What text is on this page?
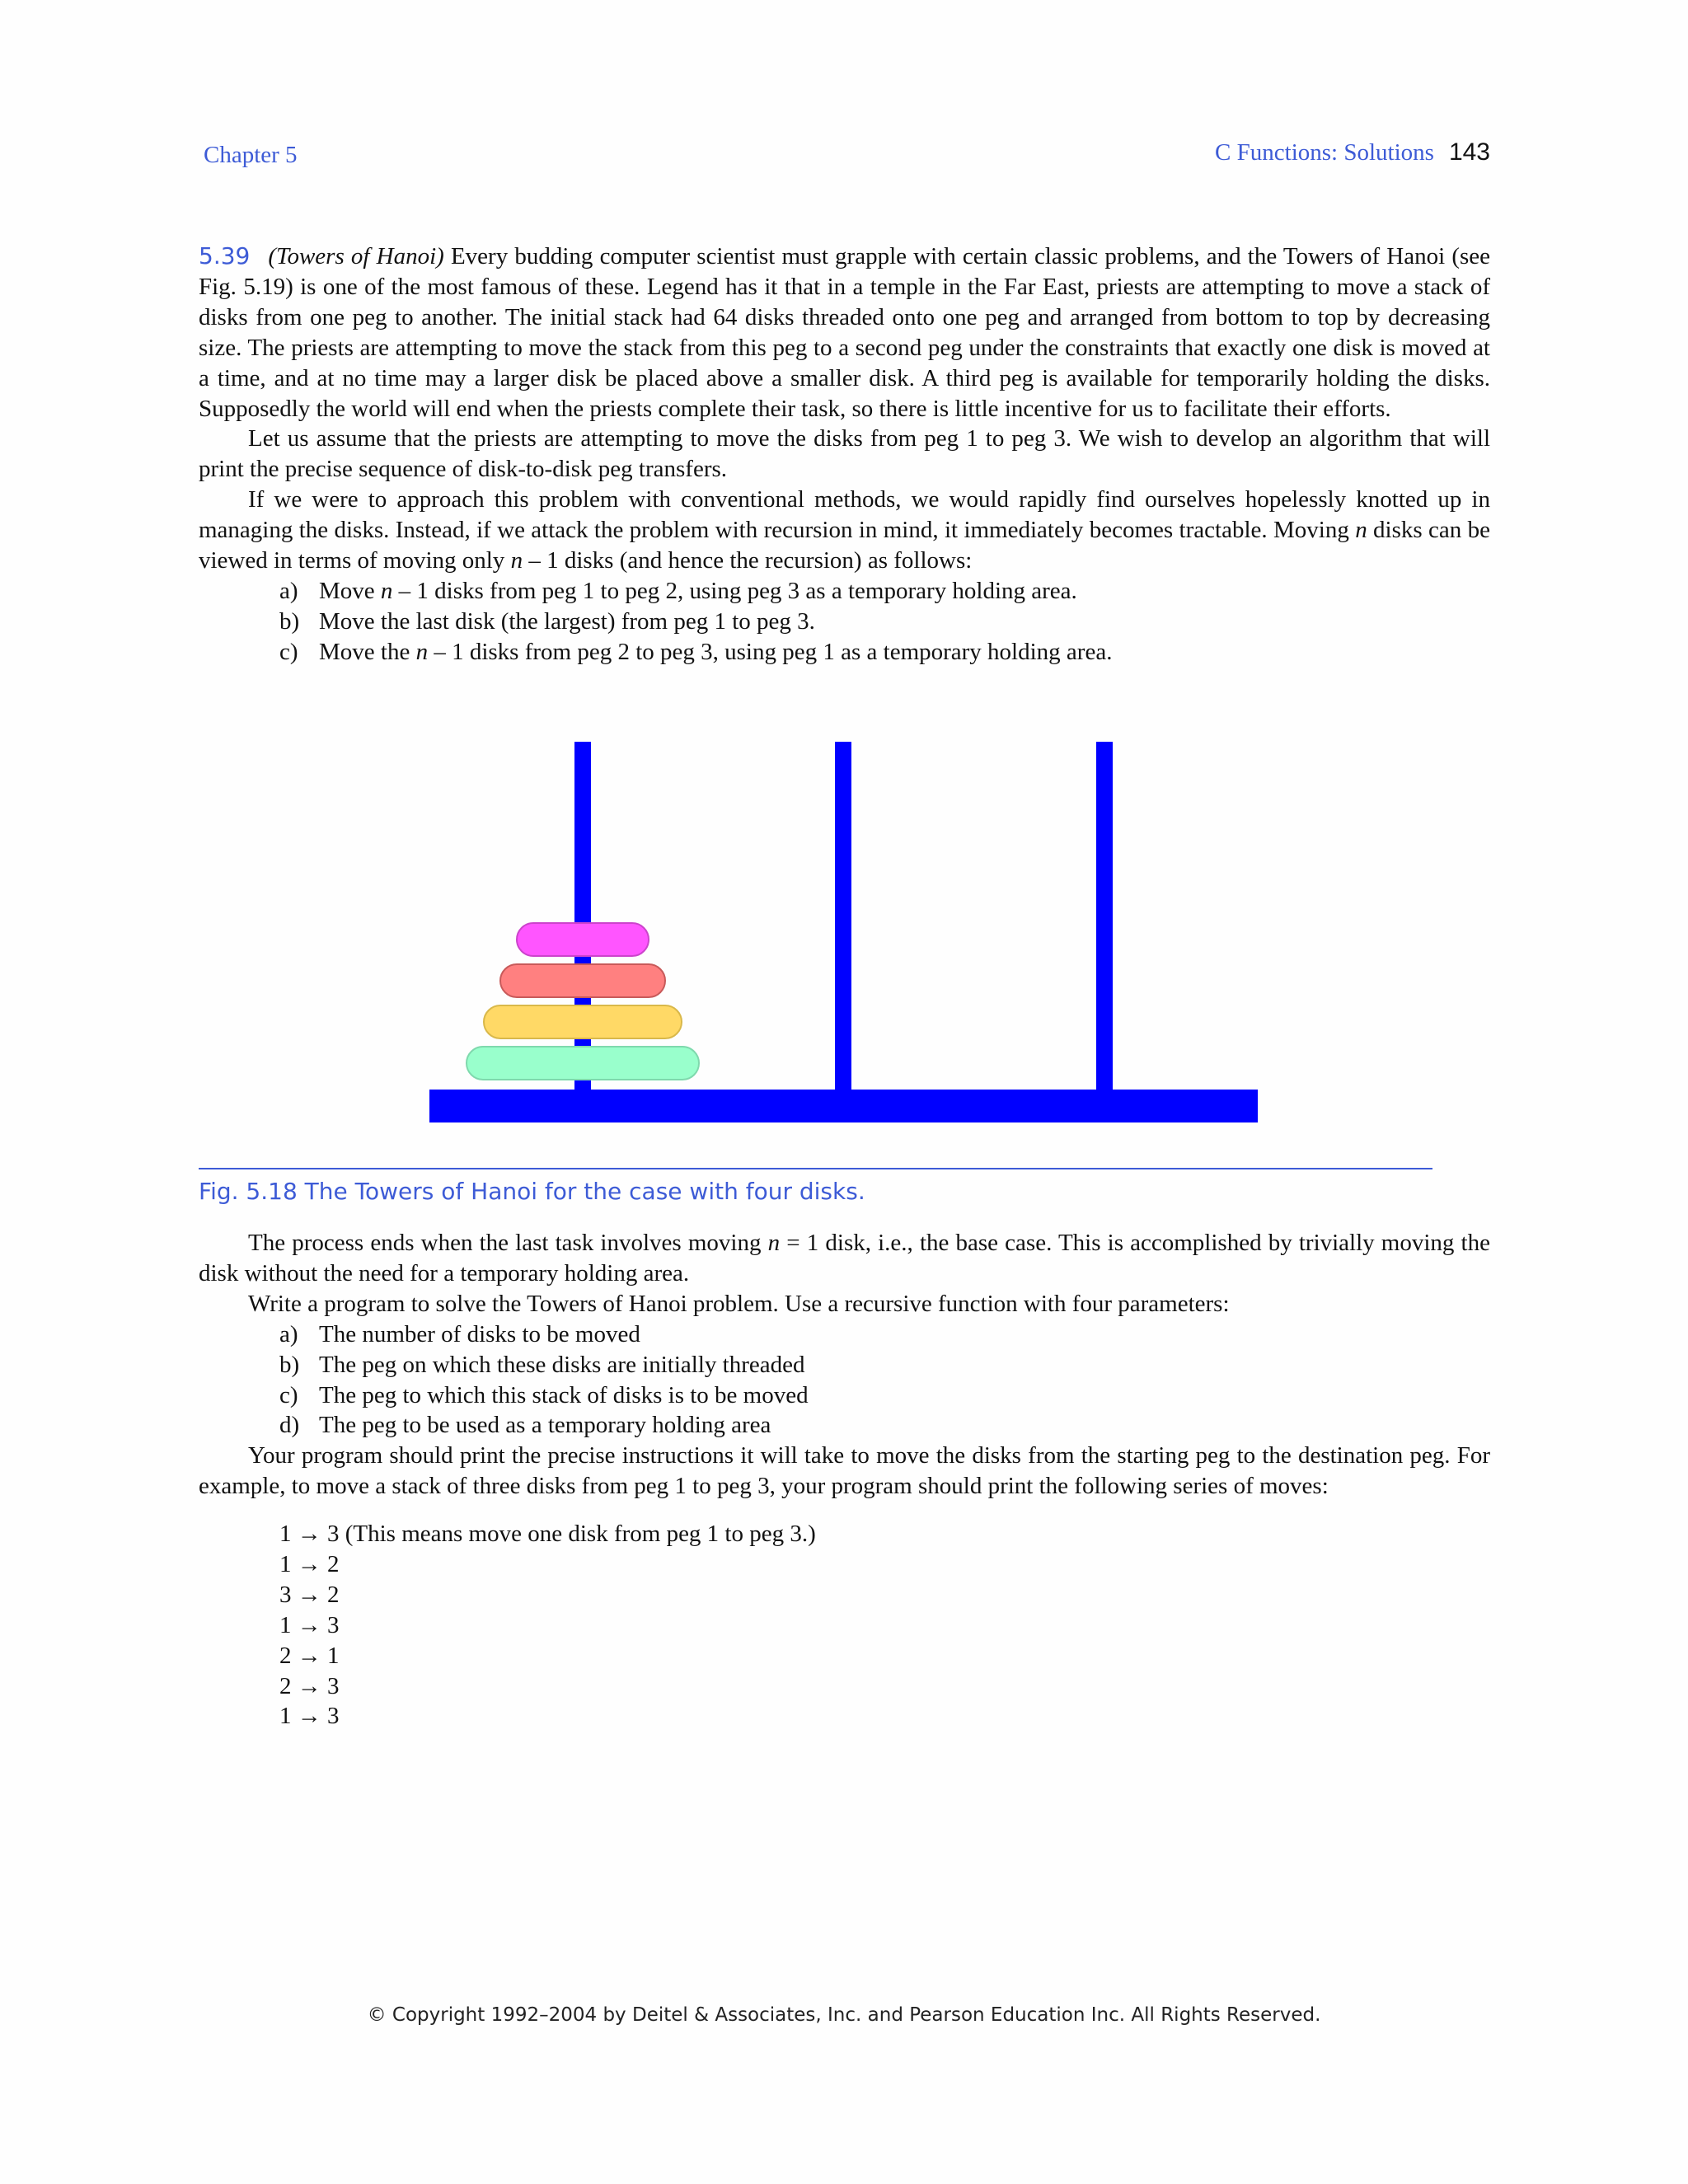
Chapter 5	C Functions: Solutions 143

5.39 (Towers of Hanoi) Every budding computer scientist must grapple with certain classic problems, and the Towers of Hanoi (see Fig. 5.19) is one of the most famous of these. Legend has it that in a temple in the Far East, priests are attempting to move a stack of disks from one peg to another. The initial stack had 64 disks threaded onto one peg and arranged from bottom to top by decreasing size. The priests are attempting to move the stack from this peg to a second peg under the constraints that exactly one disk is moved at a time, and at no time may a larger disk be placed above a smaller disk. A third peg is available for temporarily holding the disks. Supposedly the world will end when the priests complete their task, so there is little incentive for us to facilitate their efforts.

Let us assume that the priests are attempting to move the disks from peg 1 to peg 3. We wish to develop an algorithm that will print the precise sequence of disk-to-disk peg transfers.

If we were to approach this problem with conventional methods, we would rapidly find ourselves hopelessly knotted up in managing the disks. Instead, if we attack the problem with recursion in mind, it immediately becomes tractable. Moving n disks can be viewed in terms of moving only n – 1 disks (and hence the recursion) as follows:

a) Move n – 1 disks from peg 1 to peg 2, using peg 3 as a temporary holding area.
b) Move the last disk (the largest) from peg 1 to peg 3.
c) Move the n – 1 disks from peg 2 to peg 3, using peg 1 as a temporary holding area.
Fig. 5.18 The Towers of Hanoi for the case with four disks.

The process ends when the last task involves moving n = 1 disk, i.e., the base case. This is accomplished by trivially moving the disk without the need for a temporary holding area.

Write a program to solve the Towers of Hanoi problem. Use a recursive function with four parameters:

a) The number of disks to be moved
b) The peg on which these disks are initially threaded
c) The peg to which this stack of disks is to be moved
d) The peg to be used as a temporary holding area

Your program should print the precise instructions it will take to move the disks from the starting peg to the destination peg. For example, to move a stack of three disks from peg 1 to peg 3, your program should print the following series of moves:

1 → 3 (This means move one disk from peg 1 to peg 3.)
1 → 2
3 → 2
1 → 3
2 → 1
2 → 3
1 → 3
© Copyright 1992–2004 by Deitel & Associates, Inc. and Pearson Education Inc. All Rights Reserved.
